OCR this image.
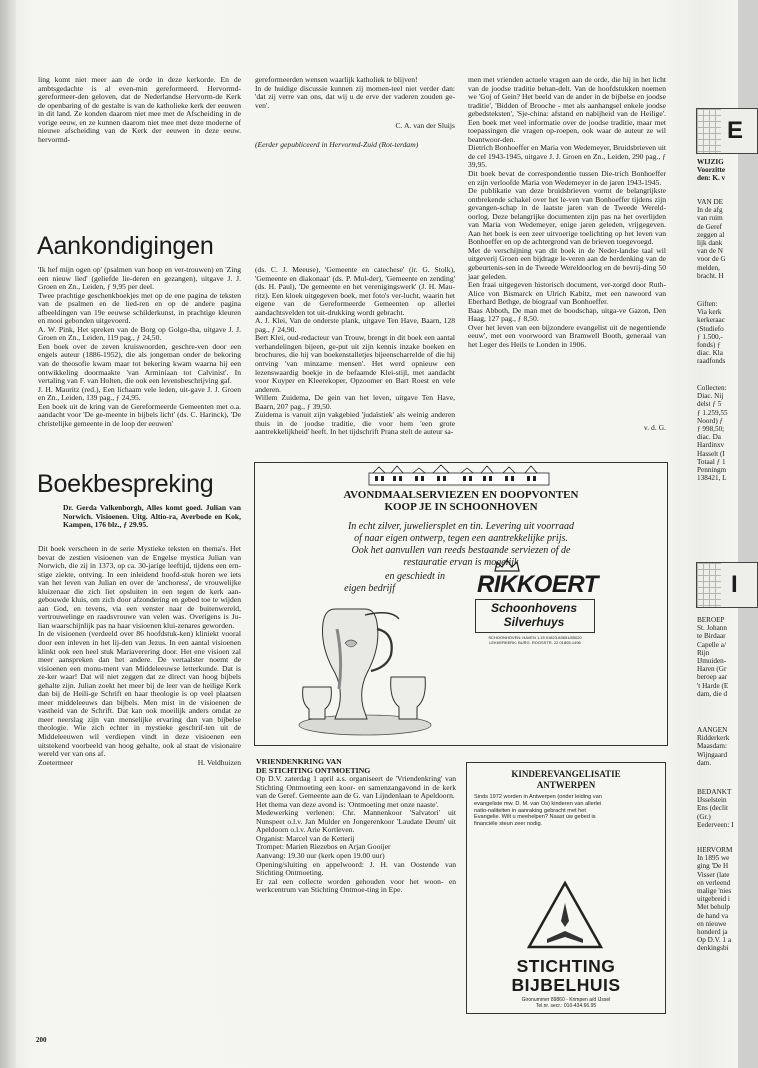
ling komt niet meer aan de orde in deze kerkorde. En de ambtsgedachte is al even-min gereformeerd. Hervormd-gereformeer-den geloven, dat de Nederlandse Hervorm-de Kerk de openbaring of de gestalte is van de katholieke kerk der eeuwen in dit land. Ze konden daarom niet mee met de Afscheiding in de vorige eeuw, en ze kunnen daarom niet mee met deze moderne of nieuwe afscheiding van de Kerk der eeuwen in deze eeuw. hervormd-

gereformeerden wensen waarlijk katholiek te blijven!
In de huidige discussie kunnen zij momen-teel niet verder dan: 'dat zij verre van ons, dat wij u de erve der vaderen zouden ge-ven'.

C. A. van der Sluijs

(Eerder gepubliceerd in Hervormd-Zuid (Rot-terdam)

Aankondigingen

'Ik hef mijn ogen op' (psalmen van hoop en ver-trouwen) en 'Zing een nieuw lied' (geliefde lie-deren en gezangen), uitgave J. J. Groen en Zn., Leiden, ƒ 9,95 per deel.
Twee prachtige geschenkboekjes met op de ene pagina de teksten van de psalmen en de lied-ren en op de andere pagina afbeeldingen van 19e eeuwse schilderkunst, in prachtige kleuren en mooi gebonden uitgevoerd.
A. W. Pink, Het spreken van de Borg op Golgo-tha, uitgave J. J. Groen en Zn., Leiden, 119 pag., ƒ 24,50.
Een boek over de zeven kruiswoorden, geschre-ven door een engels auteur (1886-1952), die als jongeman onder de bekoring van de theosofie kwam maar tot bekering kwam waarna hij een ontwikkeling doormaakte 'van Arminiaan tot Calvinist'. In vertaling van F. van Holten, die ook een levensbeschrijving gaf.
J. H. Mauritz (red.), Een lichaam vele leden, uit-gave J. J. Groen en Zn., Leiden, 139 pag., ƒ 24,95.
Een boek uit de kring van de Gereformeerde Gemeenten met o.a. aandacht voor 'De ge-meente in bijbels licht' (ds. C. Harinck), 'De christelijke gemeente in de loop der eeuwen'

(ds. C. J. Meeuse), 'Gemeente en catechese' (ir. G. Stolk), 'Gemeente en diakonaat' (ds. P. Mul-der), 'Gemeente en zending' (ds. H. Paul), 'De gemeente en het verenigingswerk' (J. H. Mau-ritz). Een kloek uitgegeven boek, met foto's ver-lucht, waarin het eigene van de Gereformeerde Gemeenten op allerlei aandachtsvelden tot uit-drukking wordt gebracht.
A. J. Klei, Van de onderste plank, uitgave Ten Have, Baarn, 128 pag., ƒ 24,90.
Bert Klei, oud-redacteur van Trouw, brengt in dit boek een aantal verhandelingen bijeen, ge-put uit zijn kennis inzake boeken en brochures, die hij van boekenstalletjes bijeenscharrelde of die hij ontving 'van minzame mensen'. Het werd opnieuw een lezenswaardig boekje in de befaamde Klei-stijl, met aandacht voor Kuyper en Kleerekoper, Opzoomer en Bart Roest en vele anderen.
Willem Zuidema, De gein van het leven, uitgave Ten Have, Baarn, 207 pag., ƒ 39,50.
Zuidema is vanuit zijn vakgebied 'judaïstiek' als weinig anderen thuis in de joodse traditie, die voor hem 'een grote aantrekkelijkheid' heeft. In het tijdschrift Prana stelt de auteur sa-

men met vrienden actuele vragen aan de orde, die hij in het licht van de joodse traditie behan-delt. Van de hoofdstukken noemen we 'Goj of Gein? Het beeld van de ander in de bijbelse en joodse traditie', 'Bidden of Brooche - met als aanhangsel enkele joodse gebedsteksten', 'Sje-china: afstand en nabijheid van de Heilige'. Een boek met veel informatie over de joodse traditie, maar met toepassingen die vragen op-roepen, ook waar de auteur ze wil beantwoor-den.
Dietrich Bonhoeffer en Maria von Wedemeyer, Bruidsbrieven uit de cel 1943-1945, uitgave J. J. Groen en Zn., Leiden, 290 pag., ƒ 39,95.
Dit boek bevat de correspondentie tussen Die-trich Bonhoeffer en zijn verloofde Maria von Wedemeyer in de jaren 1943-1945.
De publikatie van deze bruidsbrieven vormt de belangrijkste ontbrekende schakel over het le-ven van Bonhoeffer tijdens zijn gevangen-schap in de laatste jaren van de Tweede Wereld-oorlog. Deze belangrijke documenten zijn pas na het overlijden van Maria von Wedemeyer, enige jaren geleden, vrijgegeven. Aan het boek is een zeer uitvoerige toelichting op het leven van Bonhoeffer en op de achtergrond van de brieven toegevoegd.
Met de verschijning van dit boek in de Neder-landse taal wil uitgeverij Groen een bijdrage le-veren aan de herdenking van de gebeurtenis-sen in de Tweede Wereldoorlog en de bevrij-ding 50 jaar geleden.
Een fraai uitgegeven historisch document, ver-zorgd door Ruth-Alice von Bismarck en Ulrich Kabitz, met een nawoord van Eberhard Bethge, de biograaf van Bonhoeffer.
Baas Abboth, De man met de boodschap, uitga-ve Gazon, Den Haag, 127 pag., ƒ 8,50.
Over het leven van een bijzondere evangelist uit de negentiende eeuw', met een voorwoord van Bramwell Booth, generaal van het Leger des Heils te Londen in 1906.

v. d. G.

Boekbespreking

Dr. Gerda Valkenborgh, Alles komt goed. Julian van Norwich. Visioenen. Uitg. Altio-ra, Averbode en Kok, Kampen, 176 blz., ƒ 29.95.

Dit boek verscheen in de serie Mystieke teksten en thema's. Het bevat de zestien visioenen van de Engelse mystica Julian van Norwich, die zij in 1373, op ca. 30-jarige leeftijd, tijdens een ern-stige ziekte, ontving. In een inleidend hoofd-stuk horen we iets van het leven van Julian en over de 'anchoress', de vrouwelijke kluizenaar die zich liet opsluiten in een tegen de kerk aan-gebouwde kluis, om zich door afzondering en gebed toe te wijden aan God, en tevens, via een venster naar de buitenwereld, vertrouwelinge en raadsvrouwe van velen was. Overigens is Ju-lian waarschijnlijk pas na haar visioenen klui-zenares geworden.
In de visioenen (verdeeld over 86 hoofdstuk-ken) kliniekt vooral door een inleven in het lij-den van Jezus. In een aantal visioenen klinkt ook een heel stuk Mariaverering door. Het ene visioen zal meer aanspreken dan het andere. De vertaalster noemt de visioenen een monu-ment van Middeleeuwse letterkunde. Dat is ze-ker waar! Dat wil niet zeggen dat ze direct van hoog bijbels gehalte zijn. Julian zoekt het meer bij de leer van de heilige Kerk dan bij de Heili-ge Schrift en haar theologie is op veel plaatsen meer middeleeuws dan bijbels. Men mist in de visioenen de vastheid van de Schrift. Dat kan ook moeilijk anders omdat ze meer neerslag zijn van menselijke ervaring dan van bijbelse theologie. Wie zich echter in mystieke geschrif-ten uit de Middeleeuwen wil verdiepen vindt in deze visioenen een uitstekend voorbeeld van hoog gehalte, ook al staat de visionaire wereld ver van ons af.

Zoetermeer	H. Veldhuizen
AVONDMAALSERVIEZEN EN DOOPVONTEN
KOOP JE IN SCHOONHOVEN
In echt zilver, juweliersplet en tin. Levering uit voorraad
of naar eigen ontwerp, tegen een aantrekkelijke prijs.
Ook het aanvullen van reeds bestaande serviezen of de
restauratie ervan is mogelijk
en geschiedt in
eigen bedrijf	RIKKOERT
Schoonhovens
Silverhuys
SCHOONHOVEN: HAVEN 1.15 01823-83651/85020
LEKKERKERK: BURG. ROOSSTR. 22 01805-1496

VRIENDENKRING VAN

DE STICHTING ONTMOETING

Op D.V. zaterdag 1 april a.s. organiseert de 'Vriendenkring' van Stichting Ontmoeting een koor- en samenzangavond in de kerk van de Geref. Gemeente aan de G. van Lijndenlaan te Apeldoorn.
Het thema van deze avond is: 'Ontmoeting met onze naaste'.
Medewerking verlenen: Chr. Mannenkoor 'Salvatori' uit Nunspeet o.l.v. Jan Mulder en Jongerenkoor 'Laudate Deum' uit Apeldoorn o.l.v. Arie Kortleven.
Organist: Marcel van de Ketterij
Trompet: Marien Riezebos en Arjan Gooijer
Aanvang: 19.30 uur (kerk open 19.00 uur)
Opening/sluiting en appelwoord: J. H. van Oostende van Stichting Ontmoeting.
Er zal een collecte worden gehouden voor het woon- en werkcentrum van Stichting Ontmoe-ting in Epe.

KINDEREVANGELISATIE
ANTWERPEN
Sinds 1972 worden in Antwerpen (onder leiding van evangeliste mw. D. M. van Os) kinderen van allerlei natio-naliteiten in aanraking gebracht met het Evangelie. Wilt u meehelpen? Naast uw gebed is financiële steun zeer nodig.
STICHTING
BIJBELHUIS
Gironummer 89860 - Krimpen a/d IJssel
Tel.nr. secr.: 010-434.66.95
E

WIJZIG
Voorzitte
den: K. v

VAN DE
In de afg
van ruim
de Geref
zeggen al
lijk dank
van de N
voor de G
melden,
bracht. H

Giften:
Via kerk
kerkeraac
(Studiefo
ƒ 1.500,-
fonds) ƒ
diac. Kla
raadfonds

Collecten:
Diac. Nij
delst ƒ 5
ƒ 1.259,55
Noord) ƒ
ƒ 998,50;
diac. Da
Hardinxv
Hasselt (I
Totaal ƒ 1
Penningm
138421, L

I

BEROEP
St. Johann
te Birdaar
Capelle a/
Rijn
IJmuiden-
Haren (Gr
beroep aar
't Harde (E
dam, die d

AANGEN
Ridderkerk
Maasdam:
Wijngaard
dam.

BEDANKT
IJsselstein
Ens (declit
(Gr.)
Eederveen: I

HERVORM
In 1895 we
ging 'De H
Visser (late
en verleend
malige 'nies
uitgebreid i
Met behulp
de hand va
en nieuwe
honderd ja
Op D.V. 1 a
denkingsbi

200
